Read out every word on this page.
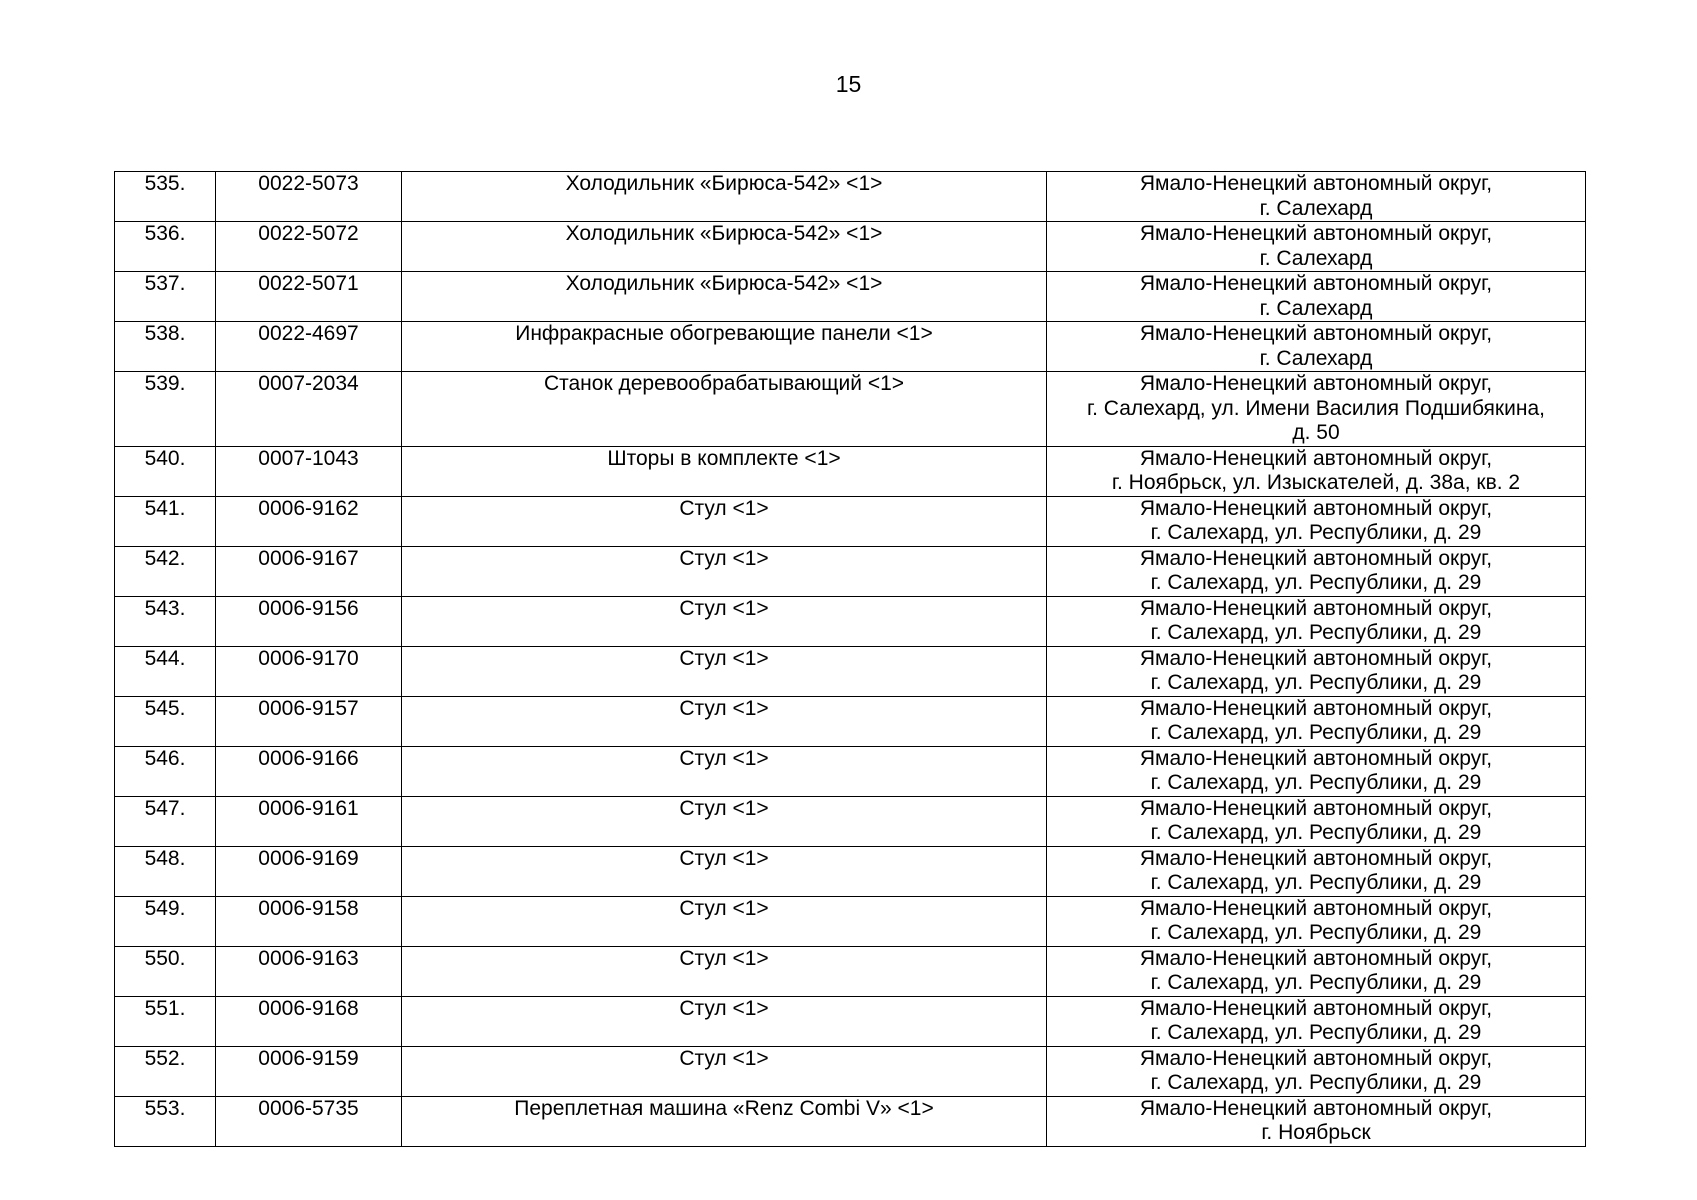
15
535.	0022-5073	Холодильник «Бирюса-542» <1>	Ямало-Ненецкий автономный округ,
г. Салехард

536.	0022-5072	Холодильник «Бирюса-542» <1>	Ямало-Ненецкий автономный округ,
г. Салехард

537.	0022-5071	Холодильник «Бирюса-542» <1>	Ямало-Ненецкий автономный округ,
г. Салехард

538.	0022-4697	Инфракрасные обогревающие панели <1>	Ямало-Ненецкий автономный округ,
г. Салехард

539.	0007-2034	Станок деревообрабатывающий <1>	Ямало-Ненецкий автономный округ,
г. Салехард, ул. Имени Василия Подшибякина,
д. 50

540.	0007-1043	Шторы в комплекте <1>	Ямало-Ненецкий автономный округ,
г. Ноябрьск, ул. Изыскателей, д. 38а, кв. 2

541.	0006-9162	Стул <1>	Ямало-Ненецкий автономный округ,
г. Салехард, ул. Республики, д. 29

542.	0006-9167	Стул <1>	Ямало-Ненецкий автономный округ,
г. Салехард, ул. Республики, д. 29

543.	0006-9156	Стул <1>	Ямало-Ненецкий автономный округ,
г. Салехард, ул. Республики, д. 29

544.	0006-9170	Стул <1>	Ямало-Ненецкий автономный округ,
г. Салехард, ул. Республики, д. 29

545.	0006-9157	Стул <1>	Ямало-Ненецкий автономный округ,
г. Салехард, ул. Республики, д. 29

546.	0006-9166	Стул <1>	Ямало-Ненецкий автономный округ,
г. Салехард, ул. Республики, д. 29

547.	0006-9161	Стул <1>	Ямало-Ненецкий автономный округ,
г. Салехард, ул. Республики, д. 29

548.	0006-9169	Стул <1>	Ямало-Ненецкий автономный округ,
г. Салехард, ул. Республики, д. 29

549.	0006-9158	Стул <1>	Ямало-Ненецкий автономный округ,
г. Салехард, ул. Республики, д. 29

550.	0006-9163	Стул <1>	Ямало-Ненецкий автономный округ,
г. Салехард, ул. Республики, д. 29

551.	0006-9168	Стул <1>	Ямало-Ненецкий автономный округ,
г. Салехард, ул. Республики, д. 29

552.	0006-9159	Стул <1>	Ямало-Ненецкий автономный округ,
г. Салехард, ул. Республики, д. 29

553.	0006-5735	Переплетная машина «Renz Combi V» <1>	Ямало-Ненецкий автономный округ,
г. Ноябрьск
